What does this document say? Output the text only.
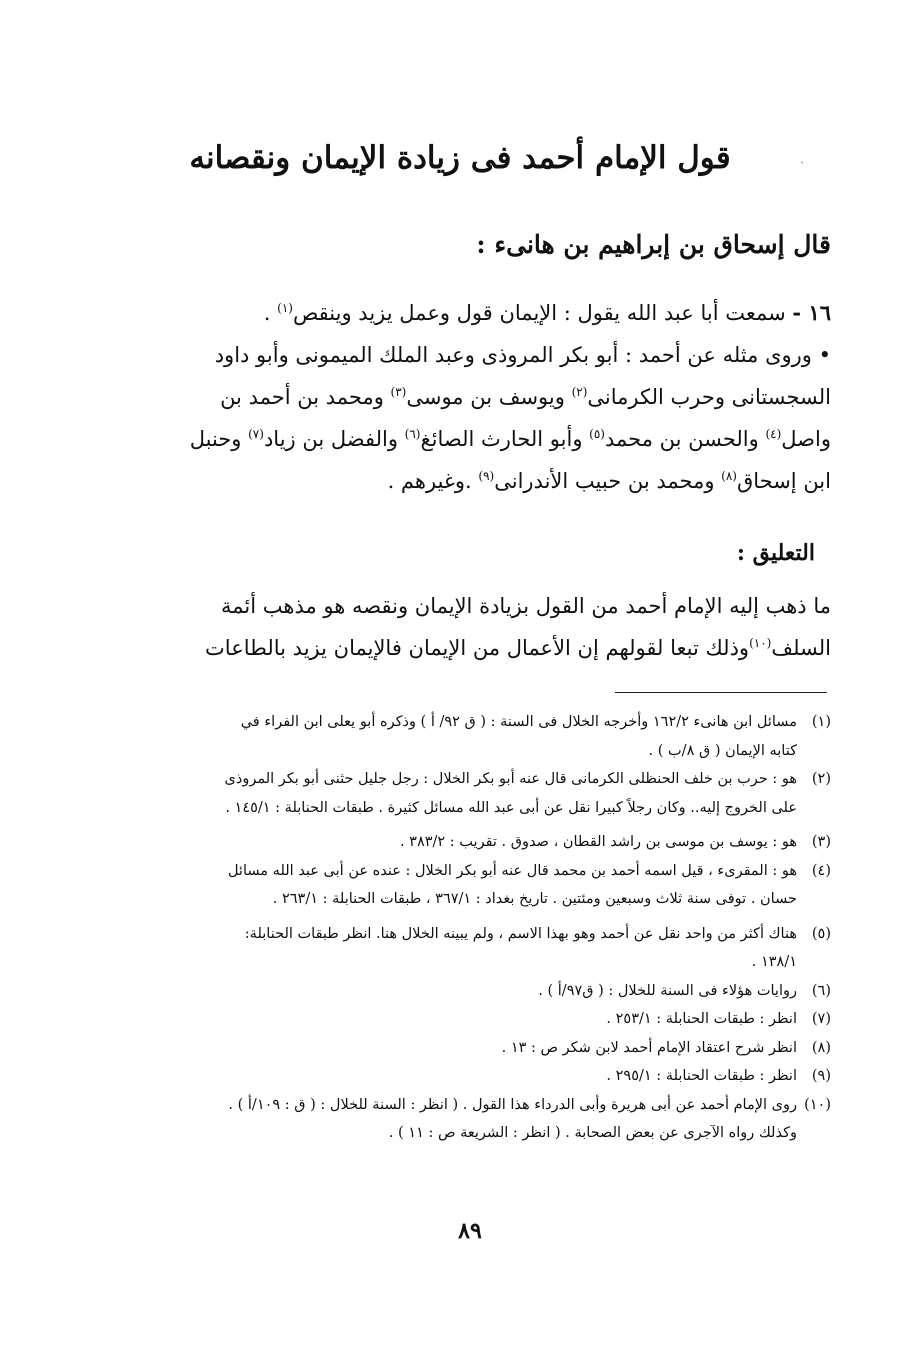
ˎ
قول الإمام أحمد فى زيادة الإيمان ونقصانه
قال إسحاق بن إبراهيم بن هانىء :
١٦ - سمعت أبا عبد الله يقول : الإيمان قول وعمل يزيد وينقص$^{(١)}$ .
• وروى مثله عن أحمد : أبو بكر المروذى وعبد الملك الميمونى وأبو داود
السجستانى وحرب الكرمانى$^{(٢)}$ ويوسف بن موسى$^{(٣)}$ ومحمد بن أحمد بن
واصل$^{(٤)}$ والحسن بن محمد$^{(٥)}$ وأبو الحارث الصائغ$^{(٦)}$ والفضل بن زياد$^{(٧)}$ وحنبل
ابن إسحاق$^{(٨)}$ ومحمد بن حبيب الأندرانى$^{(٩)}$ .وغيرهم .
التعليق :
ما ذهب إليه الإمام أحمد من القول بزيادة الإيمان ونقصه هو مذهب أئمة
السلف$^{(١٠)}$وذلك تبعا لقولهم إن الأعمال من الإيمان فالإيمان يزيد بالطاعات
(١)
مسائل ابن هانىء ١٦٢/٢ وأخرجه الخلال فى السنة : ( ق ٩٢/ أ ) وذكره أبو يعلى ابن الفراء في
كتابه الإيمان ( ق ٨/ب ) .
(٢)
هو : حرب بن خلف الحنظلى الكرمانى قال عنه أبو بكر الخلال : رجل جليل حثنى أبو بكر المروذى
على الخروج إليه.. وكان رجلاً كبيرا نقل عن أبى عبد الله مسائل كثيرة . طبقات الحنابلة : ١٤٥/١ .
(٣)
هو : يوسف بن موسى بن راشد القطان ، صدوق . تقريب : ٣٨٣/٢ .
(٤)
هو : المقرىء ، قيل اسمه أحمد بن محمد قال عنه أبو بكر الخلال : عنده عن أبى عبد الله مسائل
حسان . توفى سنة ثلاث وسبعين ومئتين . تاريخ بغداد : ٣٦٧/١ ، طبقات الحنابلة : ٢٦٣/١ .
(٥)
هناك أكثر من واحد نقل عن أحمد وهو بهذا الاسم ، ولم يبينه الخلال هنا. انظر طبقات الحنابلة:
١٣٨/١ .
(٦)
روايات هؤلاء فى السنة للخلال : ( ق٩٧/أ ) .
(٧)
انظر : طبقات الحنابلة : ٢٥٣/١ .
(٨)
انظر شرح اعتقاد الإمام أحمد لابن شكر ص : ١٣ .
(٩)
انظر : طبقات الحنابلة : ٢٩٥/١ .
(١٠)
روى الإمام أحمد عن أبى هريرة وأبى الدرداء هذا القول . ( انظر : السنة للخلال : ( ق : ١٠٩/أ ) .
وكذلك رواه الآجرى عن بعض الصحابة . ( انظر : الشريعة ص : ١١ ) .
٨٩
